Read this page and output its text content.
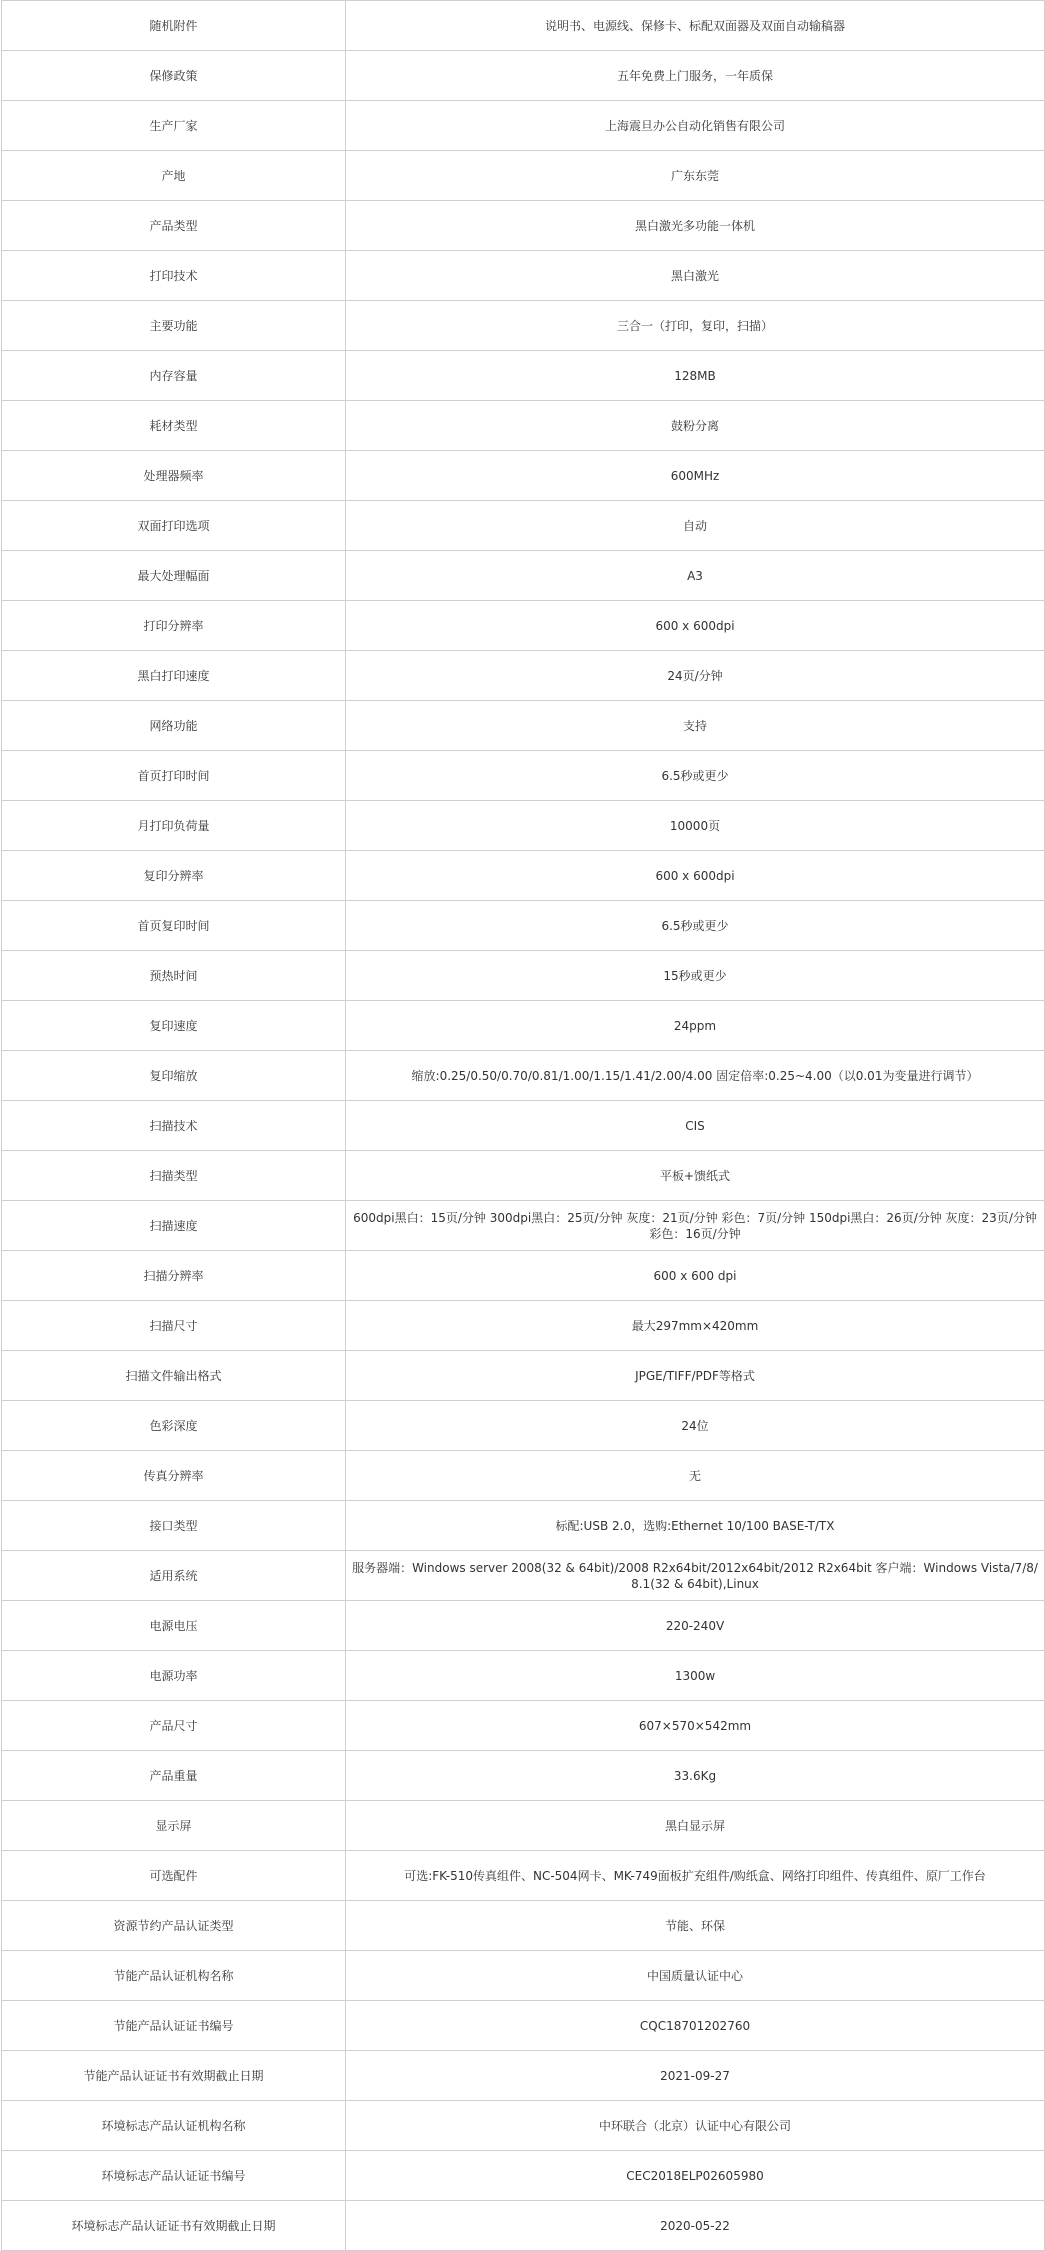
随机附件	说明书、电源线、保修卡、标配双面器及双面自动输稿器
保修政策	五年免费上门服务，一年质保
生产厂家	上海震旦办公自动化销售有限公司
产地	广东东莞
产品类型	黑白激光多功能一体机
打印技术	黑白激光
主要功能	三合一（打印，复印，扫描）
内存容量	128MB
耗材类型	鼓粉分离
处理器频率	600MHz
双面打印选项	自动
最大处理幅面	A3
打印分辨率	600 x 600dpi
黑白打印速度	24页/分钟
网络功能	支持
首页打印时间	6.5秒或更少
月打印负荷量	10000页
复印分辨率	600 x 600dpi
首页复印时间	6.5秒或更少
预热时间	15秒或更少
复印速度	24ppm
复印缩放	缩放:0.25/0.50/0.70/0.81/1.00/1.15/1.41/2.00/4.00 固定倍率:0.25~4.00（以0.01为变量进行调节）
扫描技术	CIS
扫描类型	平板+馈纸式
扫描速度	600dpi黑白：15页/分钟 300dpi黑白：25页/分钟 灰度：21页/分钟 彩色：7页/分钟 150dpi黑白：26页/分钟 灰度：23页/分钟 彩色：16页/分钟
扫描分辨率	600 x 600 dpi
扫描尺寸	最大297mm×420mm
扫描文件输出格式	JPGE/TIFF/PDF等格式
色彩深度	24位
传真分辨率	无
接口类型	标配:USB 2.0，选购:Ethernet 10/100 BASE-T/TX
适用系统	服务器端：Windows server 2008(32 & 64bit)/2008 R2x64bit/2012x64bit/2012 R2x64bit 客户端：Windows Vista/7/8/8.1(32 & 64bit),Linux
电源电压	220-240V
电源功率	1300w
产品尺寸	607×570×542mm
产品重量	33.6Kg
显示屏	黑白显示屏
可选配件	可选:FK-510传真组件、NC-504网卡、MK-749面板扩充组件/购纸盒、网络打印组件、传真组件、原厂工作台
资源节约产品认证类型	节能、环保
节能产品认证机构名称	中国质量认证中心
节能产品认证证书编号	CQC18701202760
节能产品认证证书有效期截止日期	2021-09-27
环境标志产品认证机构名称	中环联合（北京）认证中心有限公司
环境标志产品认证证书编号	CEC2018ELP02605980
环境标志产品认证证书有效期截止日期	2020-05-22
